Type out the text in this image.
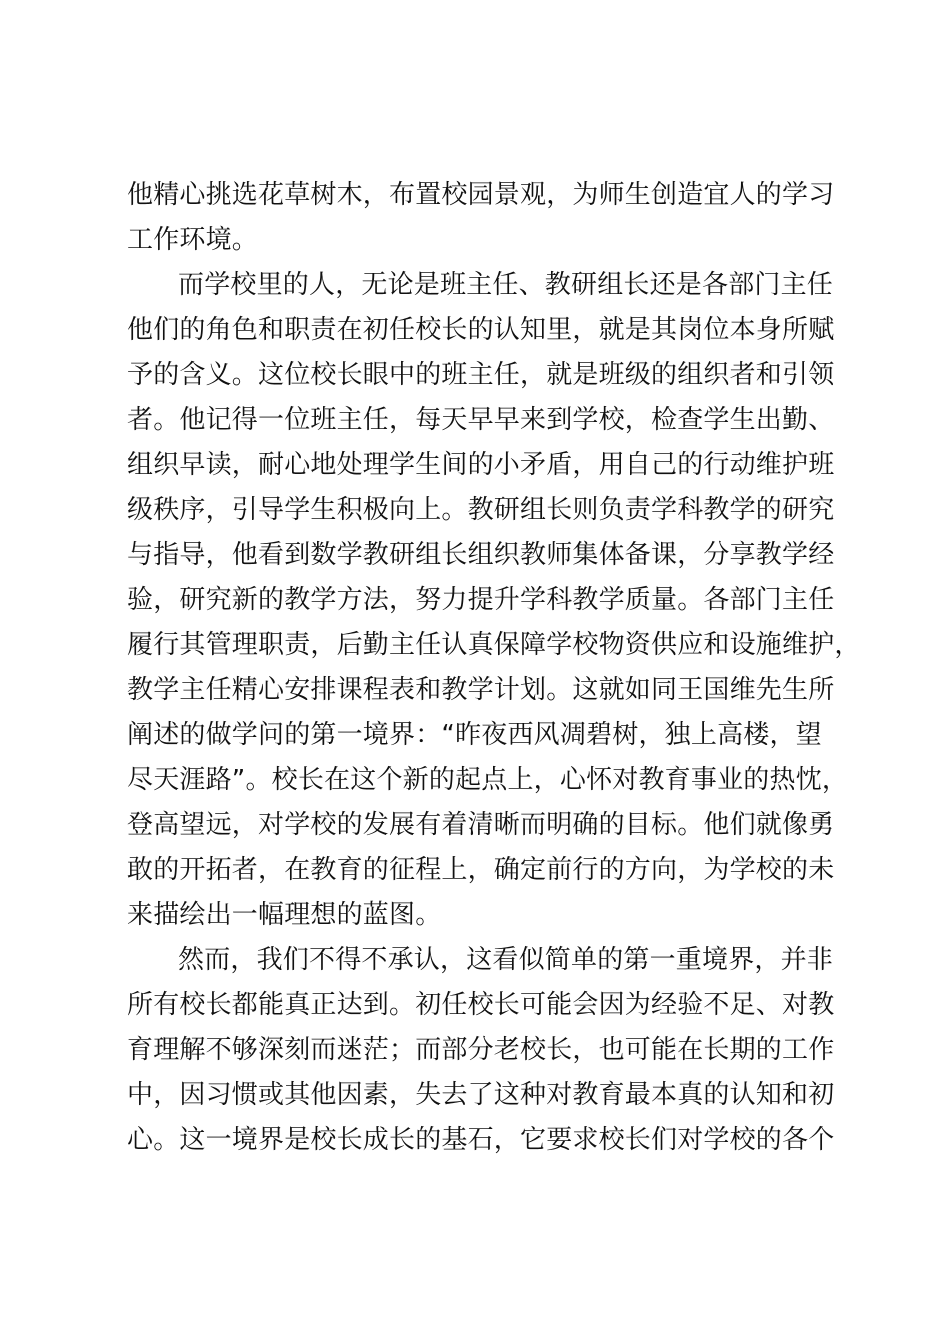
他精心挑选花草树木，布置校园景观，为师生创造宜人的学习
工作环境。
而学校里的人，无论是班主任、教研组长还是各部门主任
他们的角色和职责在初任校长的认知里，就是其岗位本身所赋
予的含义。这位校长眼中的班主任，就是班级的组织者和引领
者。他记得一位班主任，每天早早来到学校，检查学生出勤、
组织早读，耐心地处理学生间的小矛盾，用自己的行动维护班
级秩序，引导学生积极向上。教研组长则负责学科教学的研究
与指导，他看到数学教研组长组织教师集体备课，分享教学经
验，研究新的教学方法，努力提升学科教学质量。各部门主任
履行其管理职责，后勤主任认真保障学校物资供应和设施维护，
教学主任精心安排课程表和教学计划。这就如同王国维先生所
阐述的做学问的第一境界：“昨夜西风凋碧树，独上高楼，望
尽天涯路”。校长在这个新的起点上，心怀对教育事业的热忱，
登高望远，对学校的发展有着清晰而明确的目标。他们就像勇
敢的开拓者，在教育的征程上，确定前行的方向，为学校的未
来描绘出一幅理想的蓝图。
然而，我们不得不承认，这看似简单的第一重境界，并非
所有校长都能真正达到。初任校长可能会因为经验不足、对教
育理解不够深刻而迷茫；而部分老校长，也可能在长期的工作
中，因习惯或其他因素，失去了这种对教育最本真的认知和初
心。这一境界是校长成长的基石，它要求校长们对学校的各个
